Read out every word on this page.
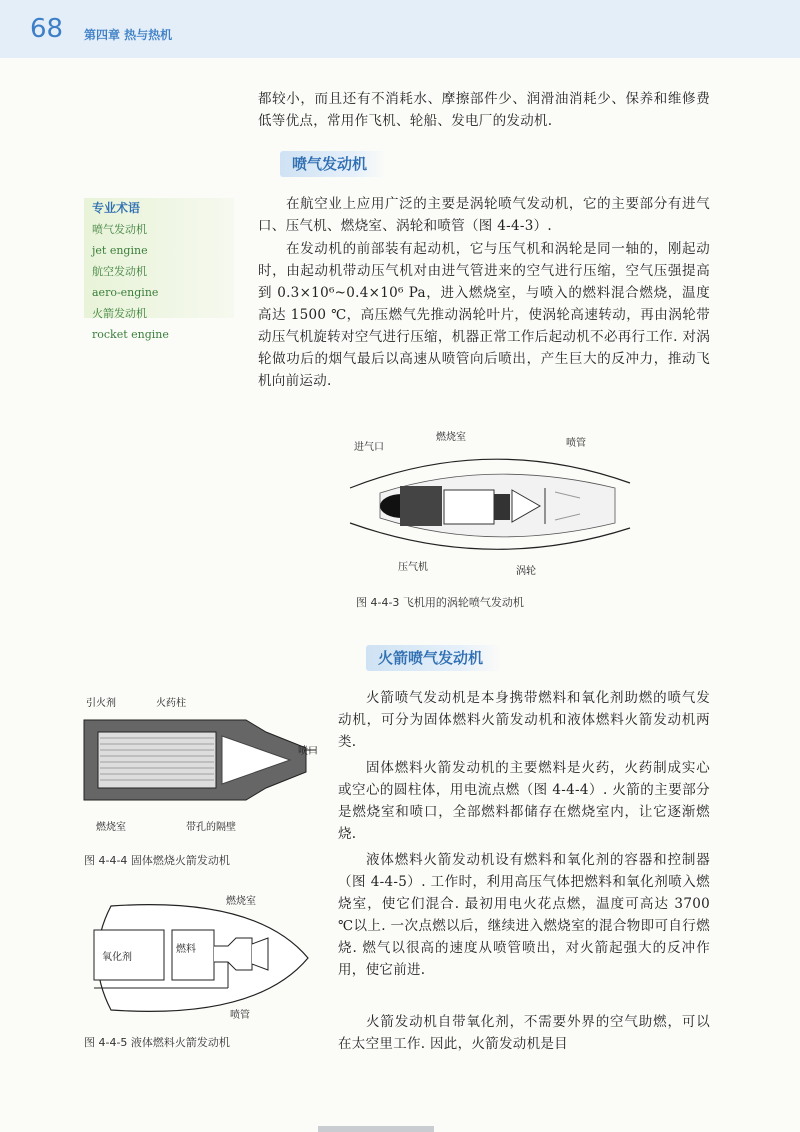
68 第四章 热与热机

都较小，而且还有不消耗水、摩擦部件少、润滑油消耗少、保养和维修费低等优点，常用作飞机、轮船、发电厂的发动机.

喷气发动机
专业术语
喷气发动机
jet engine
航空发动机
aero-engine
火箭发动机
rocket engine

在航空业上应用广泛的主要是涡轮喷气发动机，它的主要部分有进气口、压气机、燃烧室、涡轮和喷管（图 4-4-3）.

在发动机的前部装有起动机，它与压气机和涡轮是同一轴的，刚起动时，由起动机带动压气机对由进气管进来的空气进行压缩，空气压强提高到 0.3×10⁶~0.4×10⁶ Pa，进入燃烧室，与喷入的燃料混合燃烧，温度高达 1500 ℃，高压燃气先推动涡轮叶片，使涡轮高速转动，再由涡轮带动压气机旋转对空气进行压缩，机器正常工作后起动机不必再行工作. 对涡轮做功后的烟气最后以高速从喷管向后喷出，产生巨大的反冲力，推动飞机向前运动.

进气口
燃烧室
喷管
压气机	涡轮
图 4-4-3 飞机用的涡轮喷气发动机
火箭喷气发动机
引火剂	火药柱
喷口
燃烧室	带孔的隔壁
图 4-4-4 固体燃烧火箭发动机
燃烧室
氧化剂
燃料
喷管
图 4-4-5 液体燃料火箭发动机

火箭喷气发动机是本身携带燃料和氧化剂助燃的喷气发动机，可分为固体燃料火箭发动机和液体燃料火箭发动机两类.

固体燃料火箭发动机的主要燃料是火药，火药制成实心或空心的圆柱体，用电流点燃（图 4-4-4）. 火箭的主要部分是燃烧室和喷口，全部燃料都储存在燃烧室内，让它逐渐燃烧.

液体燃料火箭发动机设有燃料和氧化剂的容器和控制器（图 4-4-5）. 工作时，利用高压气体把燃料和氧化剂喷入燃烧室，使它们混合. 最初用电火花点燃，温度可高达 3700 ℃以上. 一次点燃以后，继续进入燃烧室的混合物即可自行燃烧. 燃气以很高的速度从喷管喷出，对火箭起强大的反冲作用，使它前进.

火箭发动机自带氧化剂，不需要外界的空气助燃，可以在太空里工作. 因此，火箭发动机是目
